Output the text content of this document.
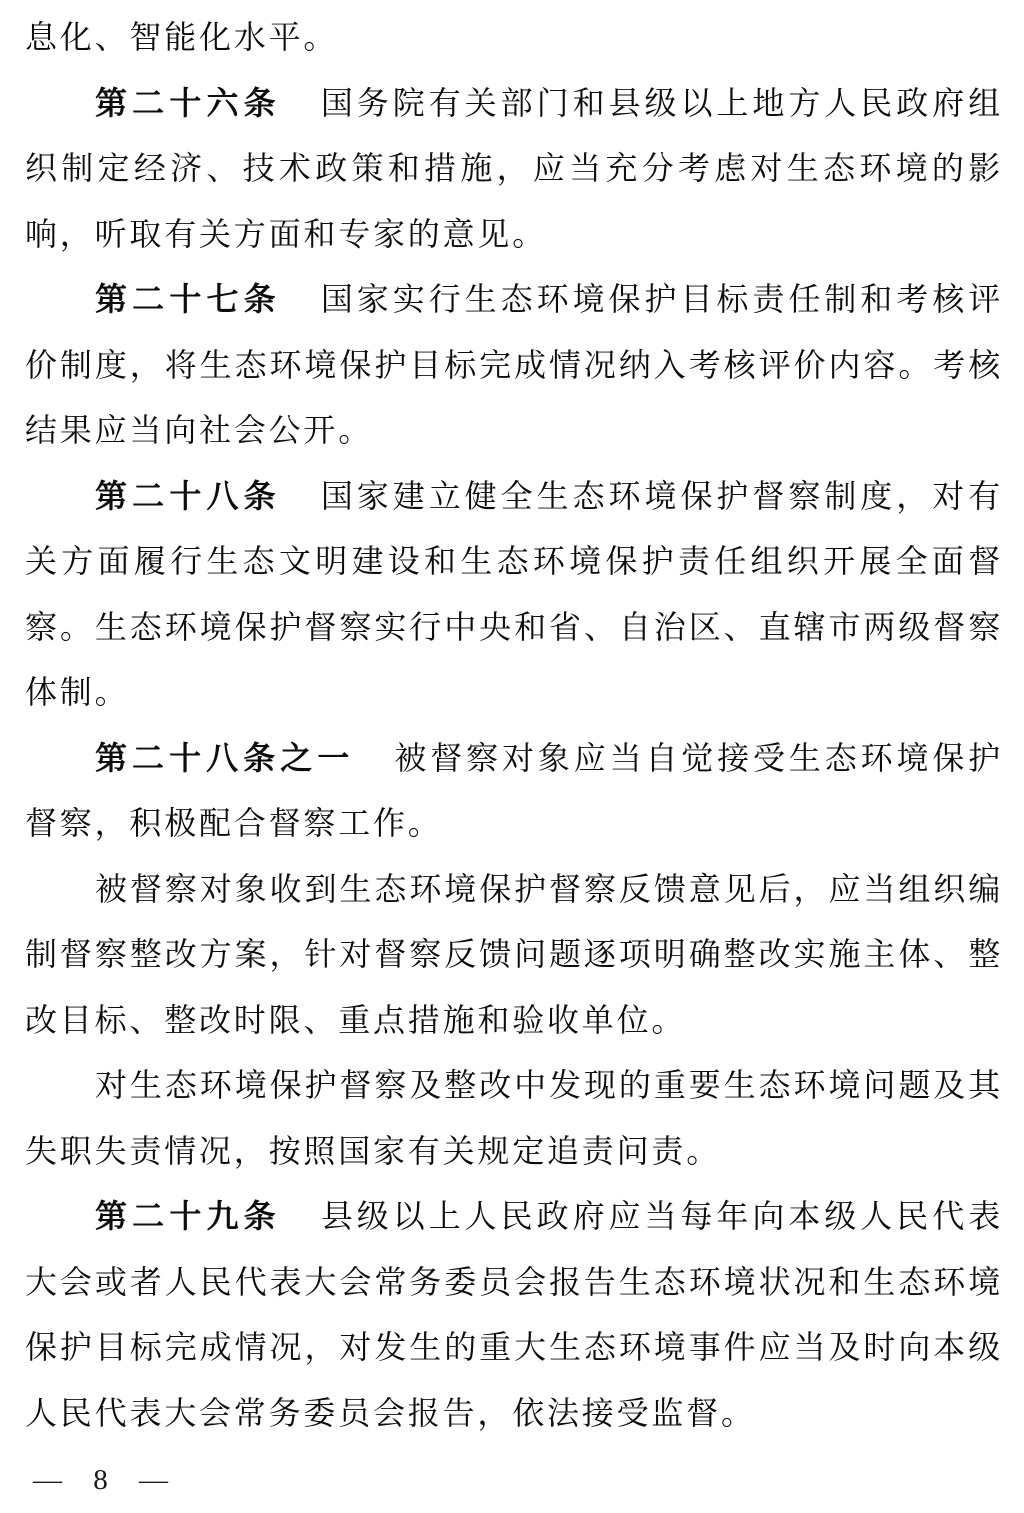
息化、智能化水平。

第二十六条 国务院有关部门和县级以上地方人民政府组织制定经济、技术政策和措施，应当充分考虑对生态环境的影响，听取有关方面和专家的意见。

第二十七条 国家实行生态环境保护目标责任制和考核评价制度，将生态环境保护目标完成情况纳入考核评价内容。考核结果应当向社会公开。

第二十八条 国家建立健全生态环境保护督察制度，对有关方面履行生态文明建设和生态环境保护责任组织开展全面督察。生态环境保护督察实行中央和省、自治区、直辖市两级督察体制。

第二十八条之一 被督察对象应当自觉接受生态环境保护督察，积极配合督察工作。

被督察对象收到生态环境保护督察反馈意见后，应当组织编制督察整改方案，针对督察反馈问题逐项明确整改实施主体、整改目标、整改时限、重点措施和验收单位。

对生态环境保护督察及整改中发现的重要生态环境问题及其失职失责情况，按照国家有关规定追责问责。

第二十九条 县级以上人民政府应当每年向本级人民代表大会或者人民代表大会常务委员会报告生态环境状况和生态环境保护目标完成情况，对发生的重大生态环境事件应当及时向本级人民代表大会常务委员会报告，依法接受监督。

— 8 —
